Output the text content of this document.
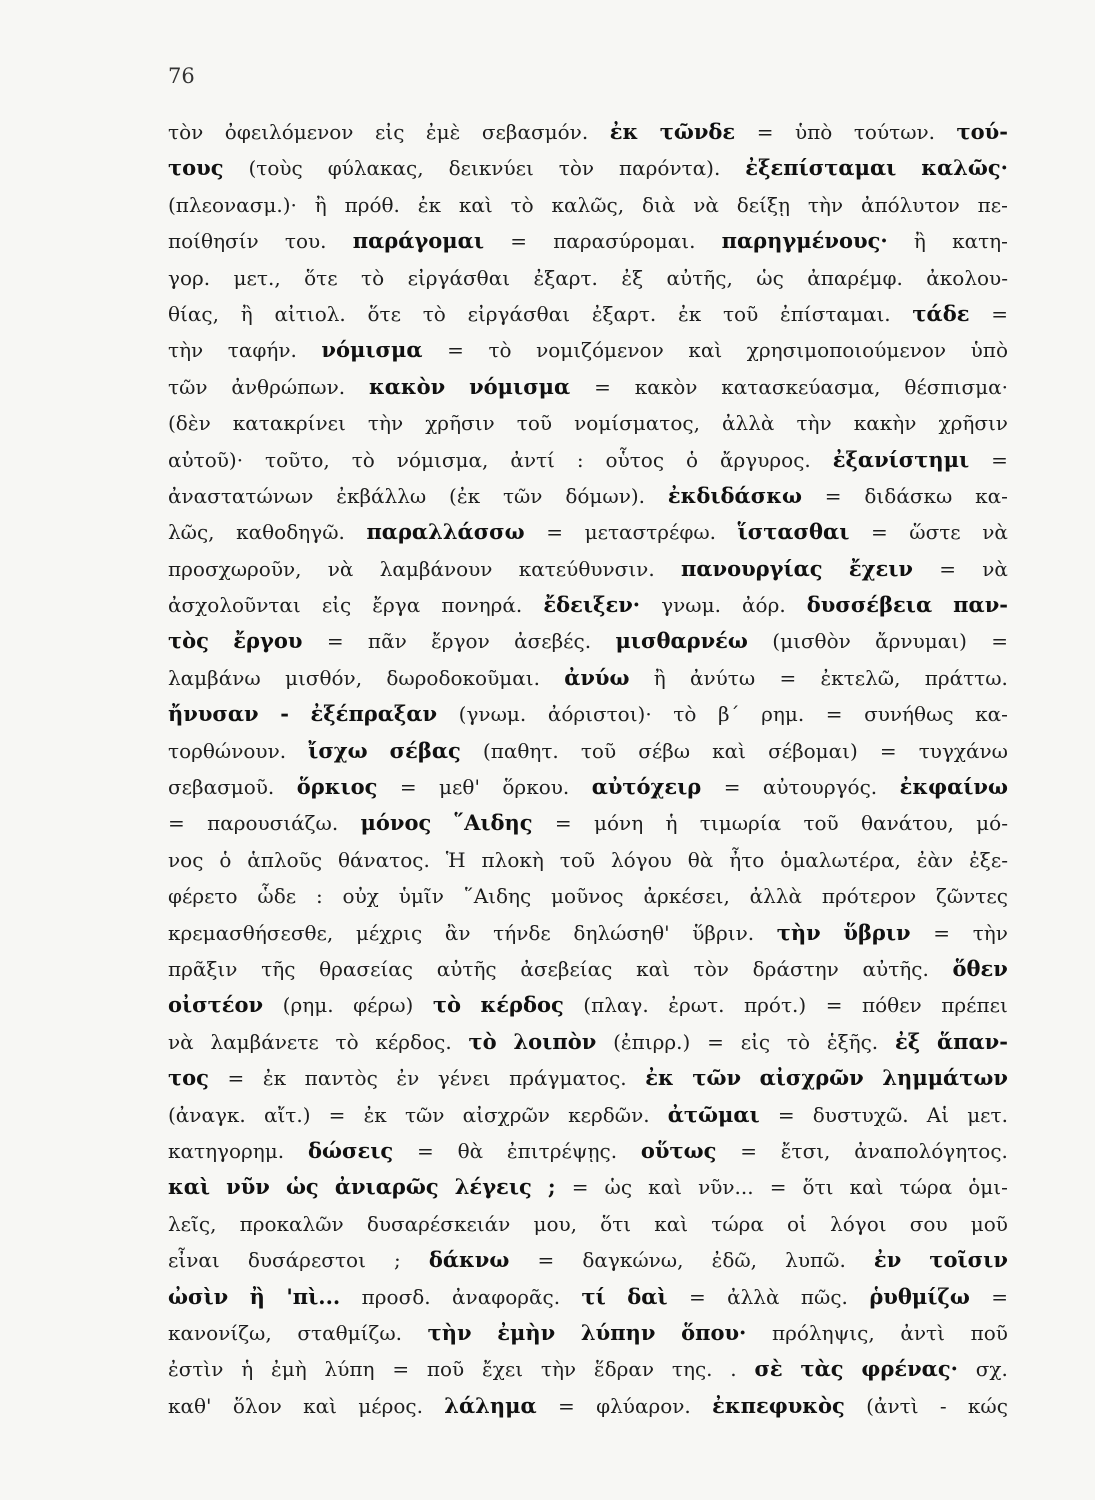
76
τὸν ὀφειλόμενον εἰς ἐμὲ σεβασμόν. ἐκ τῶνδε = ὑπὸ τούτων. τού-
τους (τοὺς φύλακας, δεικνύει τὸν παρόντα). ἐξεπίσταμαι καλῶς·
(πλεονασμ.)· ἢ πρόθ. ἐκ καὶ τὸ καλῶς, διὰ νὰ δείξῃ τὴν ἀπόλυτον πε-
ποίθησίν του. παράγομαι = παρασύρομαι. παρηγμένους· ἢ κατη-
γορ. μετ., ὅτε τὸ εἰργάσθαι ἐξαρτ. ἐξ αὐτῆς, ὡς ἀπαρέμφ. ἀκολου-
θίας, ἢ αἰτιολ. ὅτε τὸ εἰργάσθαι ἐξαρτ. ἐκ τοῦ ἐπίσταμαι. τάδε =
τὴν ταφήν. νόμισμα = τὸ νομιζόμενον καὶ χρησιμοποιούμενον ὑπὸ
τῶν ἀνθρώπων. κακὸν νόμισμα = κακὸν κατασκεύασμα, θέσπισμα·
(δὲν κατακρίνει τὴν χρῆσιν τοῦ νομίσματος, ἀλλὰ τὴν κακὴν χρῆσιν
αὐτοῦ)· τοῦτο, τὸ νόμισμα, ἀντί : οὗτος ὁ ἄργυρος. ἐξανίστημι =
ἀναστατώνων ἐκβάλλω (ἐκ τῶν δόμων). ἐκδιδάσκω = διδάσκω κα-
λῶς, καθοδηγῶ. παραλλάσσω = μεταστρέφω. ἵστασθαι = ὥστε νὰ
προσχωροῦν, νὰ λαμβάνουν κατεύθυνσιν. πανουργίας ἔχειν = νὰ
ἀσχολοῦνται εἰς ἔργα πονηρά. ἔδειξεν· γνωμ. ἀόρ. δυσσέβεια παν-
τὸς ἔργου = πᾶν ἔργον ἀσεβές. μισθαρνέω (μισθὸν ἄρνυμαι) =
λαμβάνω μισθόν, δωροδοκοῦμαι. ἀνύω ἢ ἀνύτω = ἐκτελῶ, πράττω.
ἤνυσαν - ἐξέπραξαν (γνωμ. ἀόριστοι)· τὸ β΄ ρημ. = συνήθως κα-
τορθώνουν. ἴσχω σέβας (παθητ. τοῦ σέβω καὶ σέβομαι) = τυγχάνω
σεβασμοῦ. ὅρκιος = μεθ' ὅρκου. αὐτόχειρ = αὐτουργός. ἐκφαίνω
= παρουσιάζω. μόνος ῞Αιδης = μόνη ἡ τιμωρία τοῦ θανάτου, μό-
νος ὁ ἁπλοῦς θάνατος. Ἡ πλοκὴ τοῦ λόγου θὰ ἦτο ὁμαλωτέρα, ἐὰν ἐξε-
φέρετο ὧδε : οὐχ ὑμῖν ῞Αιδης μοῦνος ἀρκέσει, ἀλλὰ πρότερον ζῶντες
κρεμασθήσεσθε, μέχρις ἂν τήνδε δηλώσηθ' ὕβριν. τὴν ὕβριν = τὴν
πρᾶξιν τῆς θρασείας αὐτῆς ἀσεβείας καὶ τὸν δράστην αὐτῆς. ὅθεν
οἰστέον (ρημ. φέρω) τὸ κέρδος (πλαγ. ἐρωτ. πρότ.) = πόθεν πρέπει
νὰ λαμβάνετε τὸ κέρδος. τὸ λοιπὸν (ἐπιρρ.) = εἰς τὸ ἑξῆς. ἐξ ἅπαν-
τος = ἐκ παντὸς ἐν γένει πράγματος. ἐκ τῶν αἰσχρῶν λημμάτων
(ἀναγκ. αἴτ.) = ἐκ τῶν αἰσχρῶν κερδῶν. ἀτῶμαι = δυστυχῶ. Αἱ μετ.
κατηγορημ. δώσεις = θὰ ἐπιτρέψῃς. οὕτως = ἔτσι, ἀναπολόγητος.
καὶ νῦν ὡς ἀνιαρῶς λέγεις ; = ὡς καὶ νῦν... = ὅτι καὶ τώρα ὁμι-
λεῖς, προκαλῶν δυσαρέσκειάν μου, ὅτι καὶ τώρα οἱ λόγοι σου μοῦ
εἶναι δυσάρεστοι ; δάκνω = δαγκώνω, ἐδῶ, λυπῶ. ἐν τοῖσιν
ὠσὶν ἢ 'πὶ... προσδ. ἀναφορᾶς. τί δαὶ = ἀλλὰ πῶς. ῥυθμίζω =
κανονίζω, σταθμίζω. τὴν ἐμὴν λύπην ὅπου· πρόληψις, ἀντὶ ποῦ
ἐστὶν ἡ ἐμὴ λύπη = ποῦ ἔχει τὴν ἕδραν της. . σὲ τὰς φρένας· σχ.
καθ' ὅλον καὶ μέρος. λάλημα = φλύαρον. ἐκπεφυκὸς (ἀντὶ - κώς
